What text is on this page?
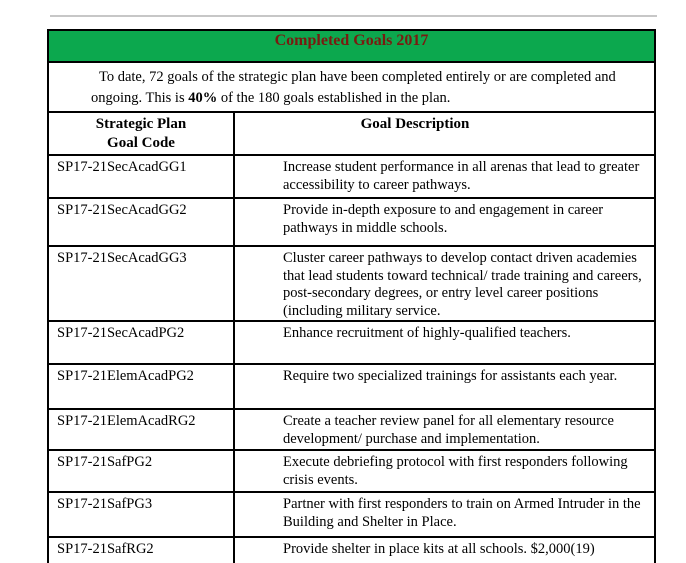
Completed Goals 2017	
To date, 72 goals of the strategic plan have been completed entirely or are completed and ongoing. This is 40% of the 180 goals established in the plan.	

Strategic Plan
Goal Code	Goal Description
SP17-21SecAcadGG1	Increase student performance in all arenas that lead to greater accessibility to career pathways.
SP17-21SecAcadGG2	Provide in-depth exposure to and engagement in career pathways in middle schools.
SP17-21SecAcadGG3	Cluster career pathways to develop contact driven academies that lead students toward technical/ trade training and careers, post-secondary degrees, or entry level career positions (including military service.
SP17-21SecAcadPG2	Enhance recruitment of highly-qualified teachers.
SP17-21ElemAcadPG2	Require two specialized trainings for assistants each year.
SP17-21ElemAcadRG2	Create a teacher review panel for all elementary resource development/ purchase and implementation.
SP17-21SafPG2	Execute debriefing protocol with first responders following crisis events.
SP17-21SafPG3	Partner with first responders to train on Armed Intruder in the Building and Shelter in Place.
SP17-21SafRG2	Provide shelter in place kits at all schools. $2,000(19)
